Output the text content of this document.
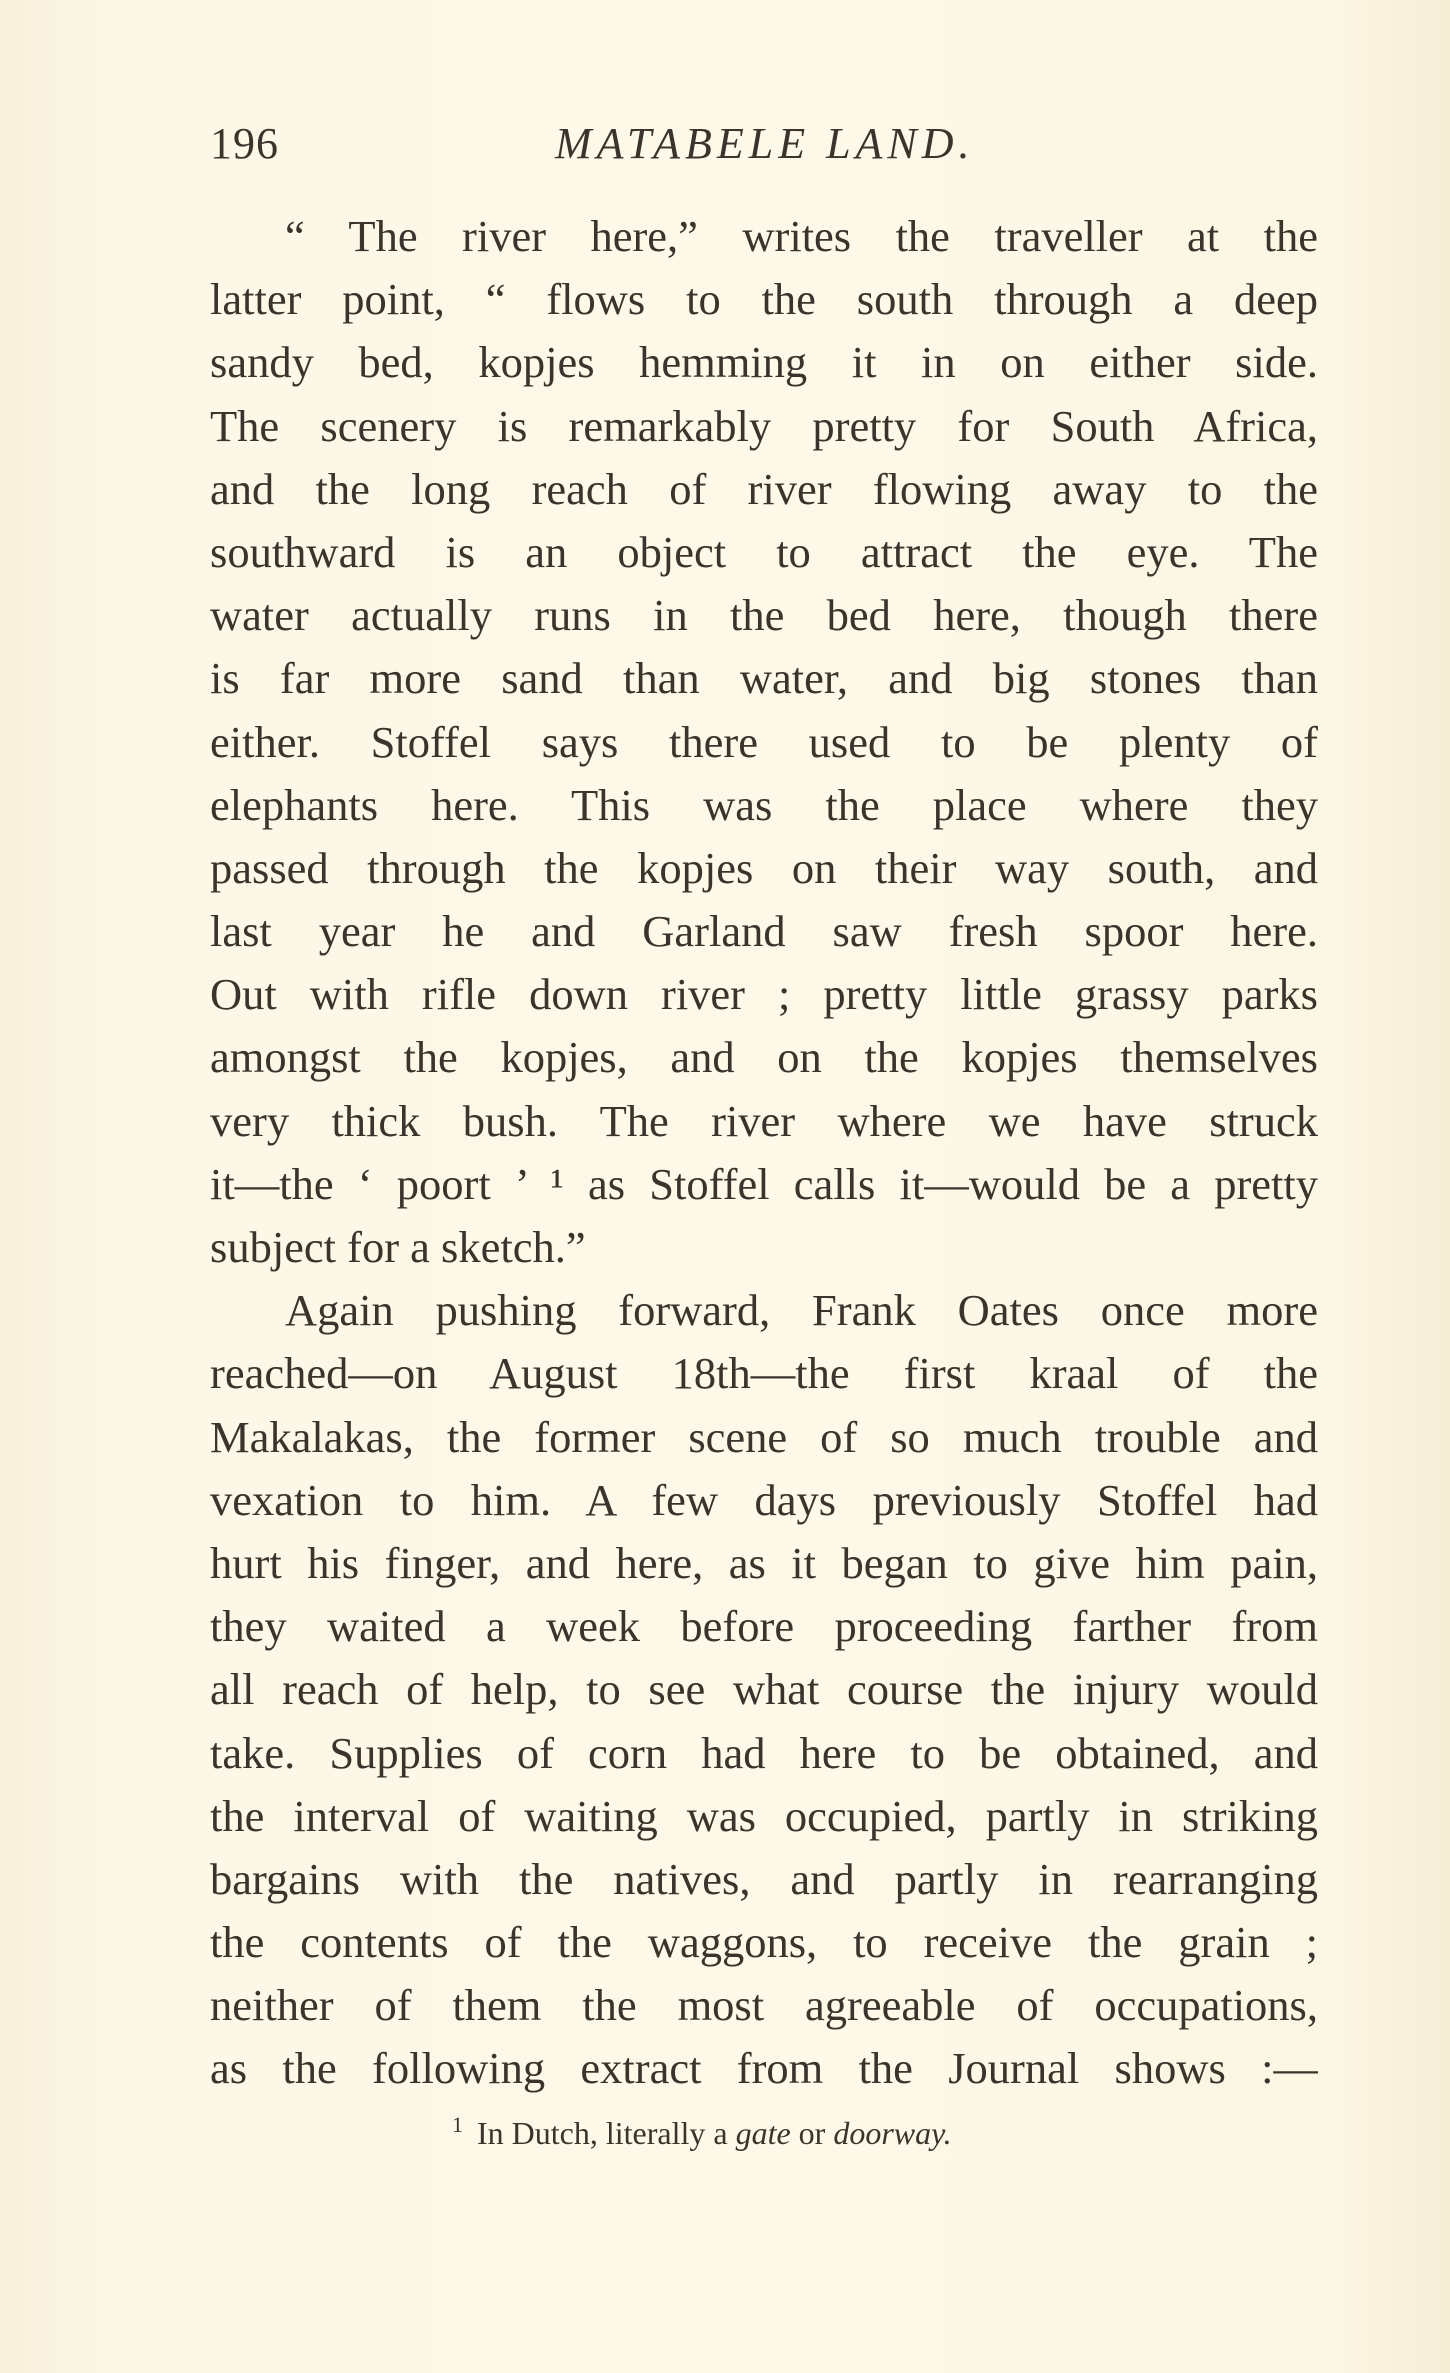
196	MATABELE LAND.
“ The river here,” writes the traveller at the
latter point, “ flows to the south through a deep
sandy bed, kopjes hemming it in on either side.
The scenery is remarkably pretty for South Africa,
and the long reach of river flowing away to the
southward is an object to attract the eye. The
water actually runs in the bed here, though there
is far more sand than water, and big stones than
either. Stoffel says there used to be plenty of
elephants here. This was the place where they
passed through the kopjes on their way south, and
last year he and Garland saw fresh spoor here.
Out with rifle down river ; pretty little grassy parks
amongst the kopjes, and on the kopjes themselves
very thick bush. The river where we have struck
it—the ‘ poort ’ ¹ as Stoffel calls it—would be a pretty
subject for a sketch.”
Again pushing forward, Frank Oates once more
reached—on August 18th—the first kraal of the
Makalakas, the former scene of so much trouble and
vexation to him. A few days previously Stoffel had
hurt his finger, and here, as it began to give him pain,
they waited a week before proceeding farther from
all reach of help, to see what course the injury would
take. Supplies of corn had here to be obtained, and
the interval of waiting was occupied, partly in striking
bargains with the natives, and partly in rearranging
the contents of the waggons, to receive the grain ;
neither of them the most agreeable of occupations,
as the following extract from the Journal shows :—
$^1$ In Dutch, literally a gate or doorway.
